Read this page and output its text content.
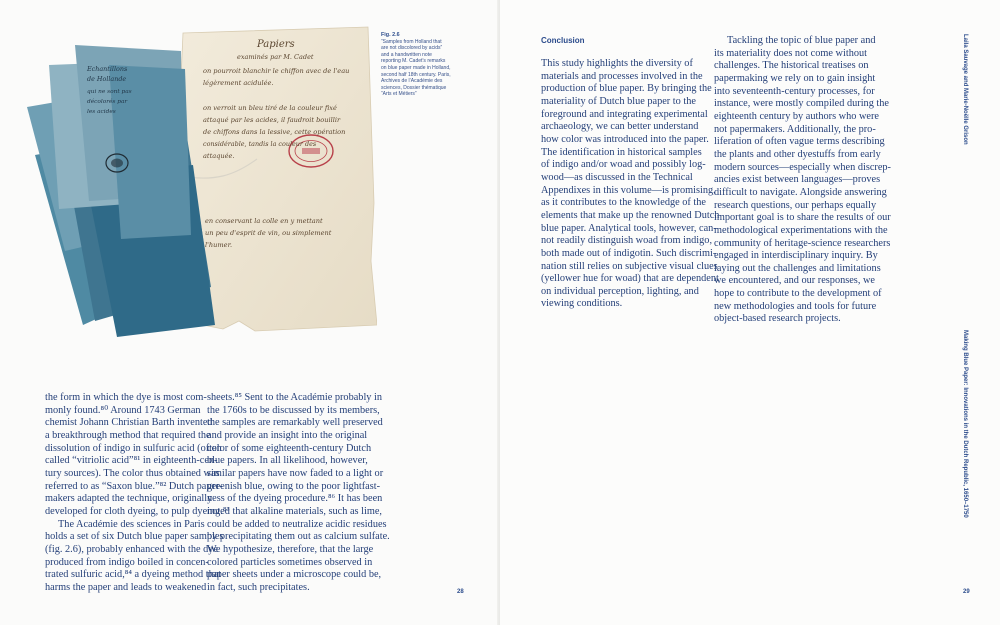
Papiers
examinés par M. Cadet
on pourroit blanchir le chiffon avec de l'eau
légèrement acidulée.
on verroit un bleu tiré de la couleur fixé
attaqué par les acides, il faudroit bouillir
de chiffons dans la lessive, cette opération
considérable, tandis la couleur des
attaquée.
en conservant la colle en y mettant
un peu d'esprit de vin, ou simplement
l'humer.
Echantillons
de Hollande
qui ne sont pas
décolorés par
les acides
Fig. 2.6
“Samples from Holland that
are not discolored by acids”
and a handwritten note
reporting M. Cadet’s remarks
on blue paper made in Holland,
second half 18th century. Paris,
Archives de l’Académie des
sciences, Dossier thématique
“Arts et Métiers”

the form in which the dye is most com-

monly found.⁸⁰ Around 1743 German

chemist Johann Christian Barth invented

a breakthrough method that required the

dissolution of indigo in sulfuric acid (often

called “vitriolic acid”⁸¹ in eighteenth-cen-

tury sources). The color thus obtained was

referred to as “Saxon blue.”⁸² Dutch paper-

makers adapted the technique, originally

developed for cloth dyeing, to pulp dyeing.⁸³

The Académie des sciences in Paris

holds a set of six Dutch blue paper samples

(fig. 2.6), probably enhanced with the dye

produced from indigo boiled in concen-

trated sulfuric acid,⁸⁴ a dyeing method that

harms the paper and leads to weakened

sheets.⁸⁵ Sent to the Académie probably in

the 1760s to be discussed by its members,

the samples are remarkably well preserved

and provide an insight into the original

color of some eighteenth-century Dutch

blue papers. In all likelihood, however,

similar papers have now faded to a light or

greenish blue, owing to the poor lightfast-

ness of the dyeing procedure.⁸⁶ It has been

noted that alkaline materials, such as lime,

could be added to neutralize acidic residues

by precipitating them out as calcium sulfate.

We hypothesize, therefore, that the large

colored particles sometimes observed in

paper sheets under a microscope could be,

in fact, such precipitates.	28
Conclusion

This study highlights the diversity of

materials and processes involved in the

production of blue paper. By bringing the

materiality of Dutch blue paper to the

foreground and integrating experimental

archaeology, we can better understand

how color was introduced into the paper.

The identification in historical samples

of indigo and/or woad and possibly log-

wood—as discussed in the Technical

Appendixes in this volume—is promising,

as it contributes to the knowledge of the

elements that make up the renowned Dutch

blue paper. Analytical tools, however, can-

not readily distinguish woad from indigo,

both made out of indigotin. Such discrimi-

nation still relies on subjective visual clues

(yellower hue for woad) that are dependent

on individual perception, lighting, and

viewing conditions.

Tackling the topic of blue paper and

its materiality does not come without

challenges. The historical treatises on

papermaking we rely on to gain insight

into seventeenth-century processes, for

instance, were mostly compiled during the

eighteenth century by authors who were

not papermakers. Additionally, the pro-

liferation of often vague terms describing

the plants and other dyestuffs from early

modern sources—especially when discrep-

ancies exist between languages—proves

difficult to navigate. Alongside answering

research questions, our perhaps equally

important goal is to share the results of our

methodological experimentations with the

community of heritage-science researchers

engaged in interdisciplinary inquiry. By

laying out the challenges and limitations

we encountered, and our responses, we

hope to contribute to the development of

new methodologies and tools for future

object-based research projects.

29
Laila Sauvage and Marie-Noëlle Grison
Making Blue Paper: Innovations in the Dutch Republic, 1650–1750
